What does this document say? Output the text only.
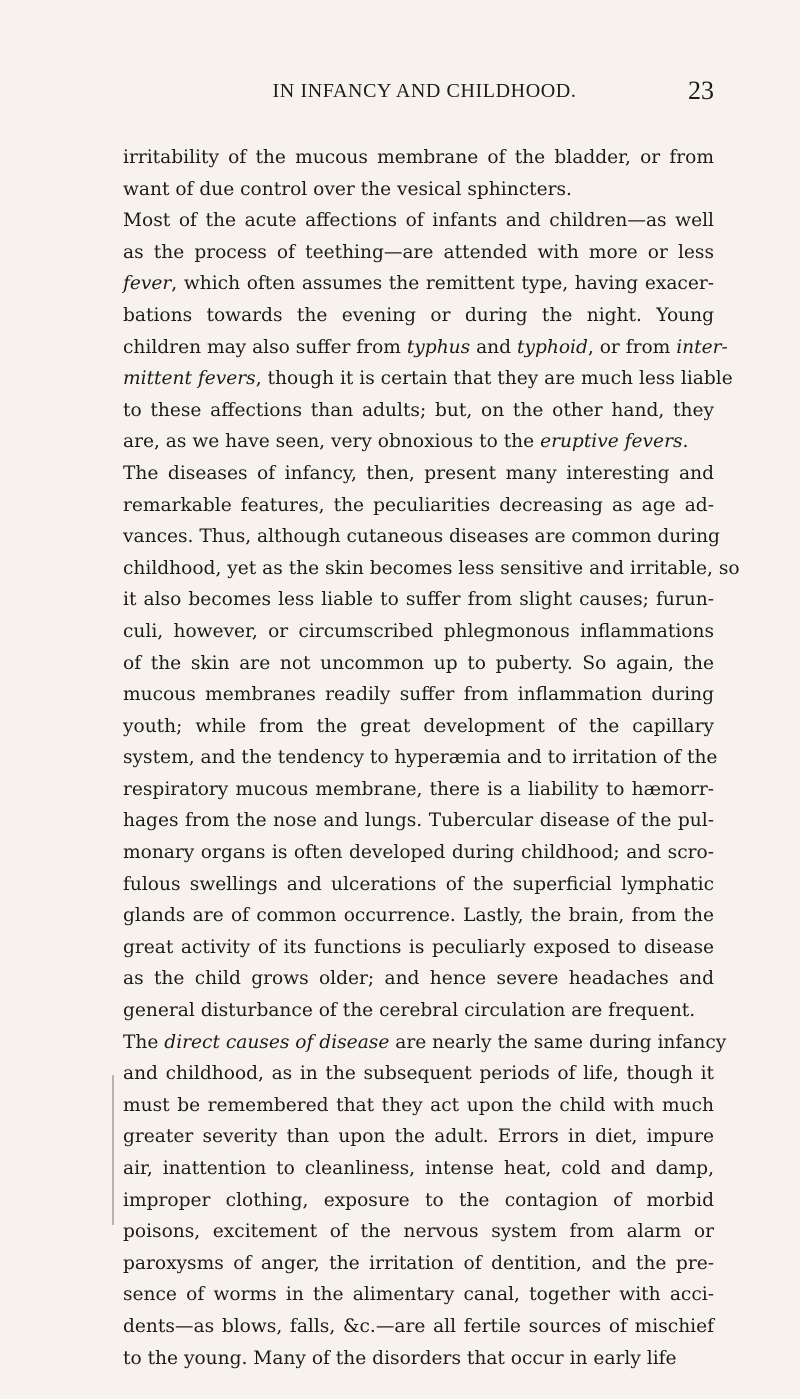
IN INFANCY AND CHILDHOOD.	23
irritability of the mucous membrane of the bladder, or from
want of due control over the vesical sphincters.
Most of the acute affections of infants and children—as well
as the process of teething—are attended with more or less
fever, which often assumes the remittent type, having exacer-
bations towards the evening or during the night. Young
children may also suffer from typhus and typhoid, or from inter-
mittent fevers, though it is certain that they are much less liable
to these affections than adults; but, on the other hand, they
are, as we have seen, very obnoxious to the eruptive fevers.
The diseases of infancy, then, present many interesting and
remarkable features, the peculiarities decreasing as age ad-
vances. Thus, although cutaneous diseases are common during
childhood, yet as the skin becomes less sensitive and irritable, so
it also becomes less liable to suffer from slight causes; furun-
culi, however, or circumscribed phlegmonous inflammations
of the skin are not uncommon up to puberty. So again, the
mucous membranes readily suffer from inflammation during
youth; while from the great development of the capillary
system, and the tendency to hyperæmia and to irritation of the
respiratory mucous membrane, there is a liability to hæmorr-
hages from the nose and lungs. Tubercular disease of the pul-
monary organs is often developed during childhood; and scro-
fulous swellings and ulcerations of the superficial lymphatic
glands are of common occurrence. Lastly, the brain, from the
great activity of its functions is peculiarly exposed to disease
as the child grows older; and hence severe headaches and
general disturbance of the cerebral circulation are frequent.
The direct causes of disease are nearly the same during infancy
and childhood, as in the subsequent periods of life, though it
must be remembered that they act upon the child with much
greater severity than upon the adult. Errors in diet, impure
air, inattention to cleanliness, intense heat, cold and damp,
improper clothing, exposure to the contagion of morbid
poisons, excitement of the nervous system from alarm or
paroxysms of anger, the irritation of dentition, and the pre-
sence of worms in the alimentary canal, together with acci-
dents—as blows, falls, &c.—are all fertile sources of mischief
to the young. Many of the disorders that occur in early life
